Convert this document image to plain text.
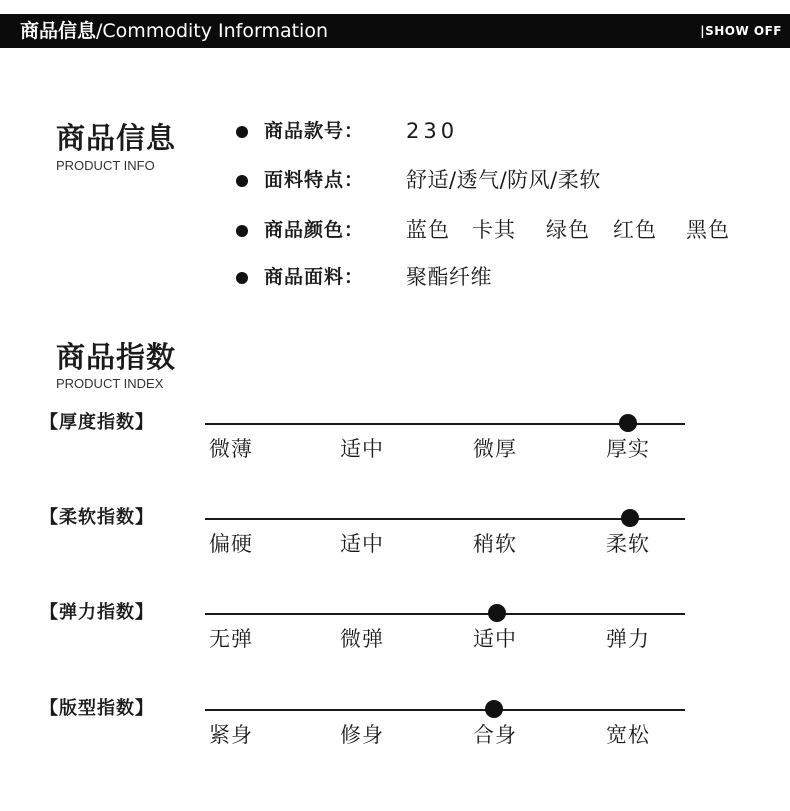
商品信息/Commodity Information	|SHOW OFF
商品信息
PRODUCT INFO
商品款号： 230
面料特点： 舒适/透气/防风/柔软
商品颜色： 蓝色 卡其 绿色 红色 黑色
商品面料： 聚酯纤维
商品指数
PRODUCT INDEX
【厚度指数】
微薄	适中	微厚	厚实
【柔软指数】
偏硬	适中	稍软	柔软
【弹力指数】
无弹	微弹	适中	弹力
【版型指数】
紧身	修身	合身	宽松
